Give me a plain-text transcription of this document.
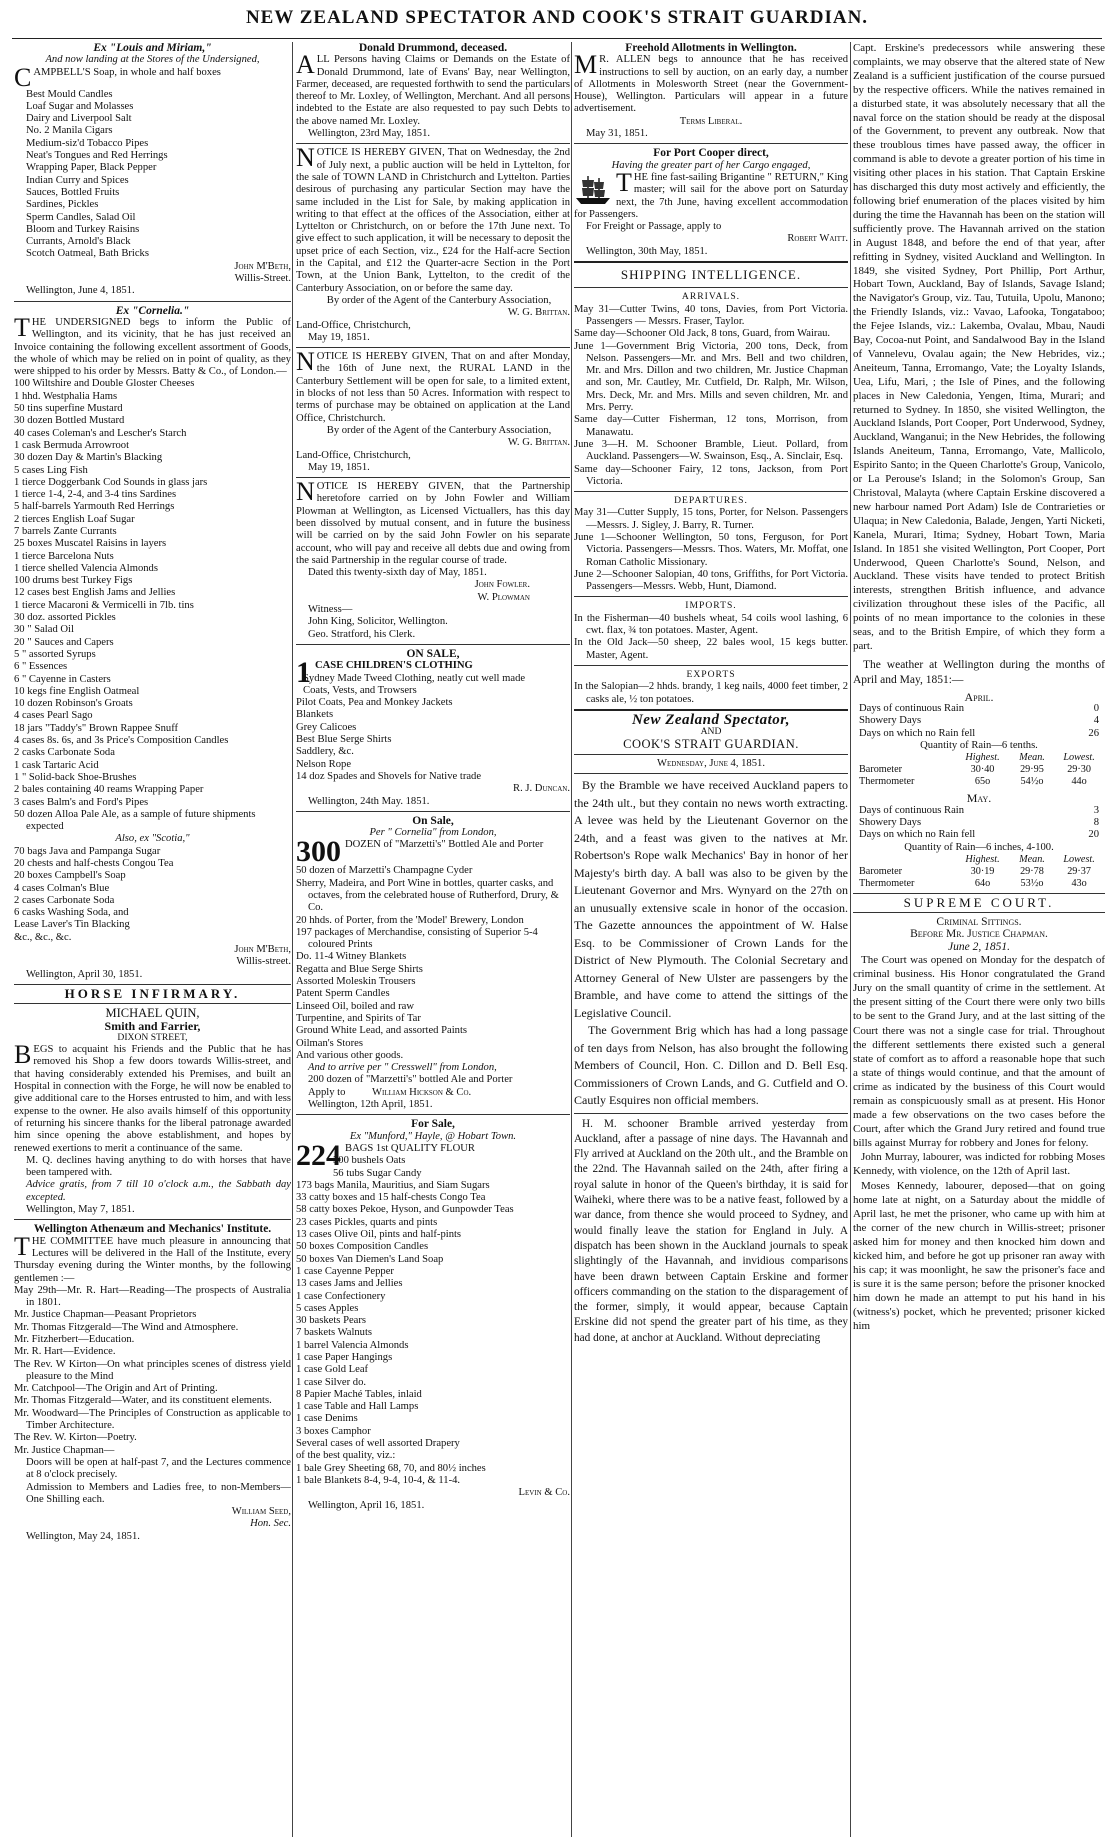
NEW ZEALAND SPECTATOR AND COOK'S STRAIT GUARDIAN.
Ex "Louis and Miriam,"
And now landing at the Stores of the Undersigned,
CAMPBELL'S Soap, in whole and half boxes
Best Mould Candles
Loaf Sugar and Molasses
Dairy and Liverpool Salt
No. 2 Manila Cigars
Medium-siz'd Tobacco Pipes
Neat's Tongues and Red Herrings
Wrapping Paper, Black Pepper
Indian Curry and Spices
Sauces, Bottled Fruits
Sardines, Pickles
Sperm Candles, Salad Oil
Bloom and Turkey Raisins
Currants, Arnold's Black
Scotch Oatmeal, Bath Bricks
John M'Beth,
Willis-Street.
Wellington, June 4, 1851.
Ex "Cornelia."
THE UNDERSIGNED begs to inform the Public of Wellington, and its vicinity, that he has just received an Invoice containing the following excellent assortment of Goods, the whole of which may be relied on in point of quality, as they were shipped to his order by Messrs. Batty & Co., of London.—
100 Wiltshire and Double Gloster Cheeses
1 hhd. Westphalia Hams
50 tins superfine Mustard
30 dozen Bottled Mustard
40 cases Coleman's and Lescher's Starch
1 cask Bermuda Arrowroot
30 dozen Day & Martin's Blacking
5 cases Ling Fish
1 tierce Doggerbank Cod Sounds in glass jars
1 tierce 1-4, 2-4, and 3-4 tins Sardines
5 half-barrels Yarmouth Red Herrings
2 tierces English Loaf Sugar
7 barrels Zante Currants
25 boxes Muscatel Raisins in layers
1 tierce Barcelona Nuts
1 tierce shelled Valencia Almonds
100 drums best Turkey Figs
12 cases best English Jams and Jellies
1 tierce Macaroni & Vermicelli in 7lb. tins
30 doz. assorted Pickles
30 " Salad Oil
20 " Sauces and Capers
5 " assorted Syrups
6 " Essences
6 " Cayenne in Casters
10 kegs fine English Oatmeal
10 dozen Robinson's Groats
4 cases Pearl Sago
18 jars "Taddy's" Brown Rappee Snuff
4 cases 8s. 6s, and 3s Price's Composition Candles
2 casks Carbonate Soda
1 cask Tartaric Acid
1 " Solid-back Shoe-Brushes
2 bales containing 40 reams Wrapping Paper
3 cases Balm's and Ford's Pipes
50 dozen Alloa Pale Ale, as a sample of future shipments expected
Also, ex "Scotia,"
70 bags Java and Pampanga Sugar
20 chests and half-chests Congou Tea
20 boxes Campbell's Soap
4 cases Colman's Blue
2 cases Carbonate Soda
6 casks Washing Soda, and
Lease Laver's Tin Blacking
&c., &c., &c.
John M'Beth,
Willis-street.
Wellington, April 30, 1851.
HORSE INFIRMARY.
MICHAEL QUIN,
Smith and Farrier,
DIXON STREET,
BEGS to acquaint his Friends and the Public that he has removed his Shop a few doors towards Willis-street, and that having considerably extended his Premises, and built an Hospital in connection with the Forge, he will now be enabled to give additional care to the Horses entrusted to him, and with less expense to the owner. He also avails himself of this opportunity of returning his sincere thanks for the liberal patronage awarded him since opening the above establishment, and hopes by renewed exertions to merit a continuance of the same.
M. Q. declines having anything to do with horses that have been tampered with.
Advice gratis, from 7 till 10 o'clock a.m., the Sabbath day excepted.
Wellington, May 7, 1851.
Wellington Athenæum and Mechanics' Institute.
THE COMMITTEE have much pleasure in announcing that Lectures will be delivered in the Hall of the Institute, every Thursday evening during the Winter months, by the following gentlemen :—
May 29th—Mr. R. Hart—Reading—The prospects of Australia in 1801.
Mr. Justice Chapman—Peasant Proprietors
Mr. Thomas Fitzgerald—The Wind and Atmosphere.
Mr. Fitzherbert—Education.
Mr. R. Hart—Evidence.
The Rev. W Kirton—On what principles scenes of distress yield pleasure to the Mind
Mr. Catchpool—The Origin and Art of Printing.
Mr. Thomas Fitzgerald—Water, and its constituent elements.
Mr. Woodward—The Principles of Construction as applicable to Timber Architecture.
The Rev. W. Kirton—Poetry.
Mr. Justice Chapman—
Doors will be open at half-past 7, and the Lectures commence at 8 o'clock precisely.
Admission to Members and Ladies free, to non-Members—One Shilling each.
William Seed,
Hon. Sec.
Wellington, May 24, 1851.
Donald Drummond, deceased.
ALL Persons having Claims or Demands on the Estate of Donald Drummond, late of Evans' Bay, near Wellington, Farmer, deceased, are requested forthwith to send the particulars thereof to Mr. Loxley, of Wellington, Merchant. And all persons indebted to the Estate are also requested to pay such Debts to the above named Mr. Loxley.
Wellington, 23rd May, 1851.
NOTICE IS HEREBY GIVEN, That on Wednesday, the 2nd of July next, a public auction will be held in Lyttelton, for the sale of TOWN LAND in Christchurch and Lyttelton. Parties desirous of purchasing any particular Section may have the same included in the List for Sale, by making application in writing to that effect at the offices of the Association, either at Lyttelton or Christchurch, on or before the 17th June next. To give effect to such application, it will be necessary to deposit the upset price of each Section, viz., £24 for the Half-acre Section in the Capital, and £12 the Quarter-acre Section in the Port Town, at the Union Bank, Lyttelton, to the credit of the Canterbury Association, on or before the same day.
By order of the Agent of the Canterbury Association,
W. G. Brittan.
Land-Office, Christchurch,
May 19, 1851.
NOTICE IS HEREBY GIVEN, That on and after Monday, the 16th of June next, the RURAL LAND in the Canterbury Settlement will be open for sale, to a limited extent, in blocks of not less than 50 Acres. Information with respect to terms of purchase may be obtained on application at the Land Office, Christchurch.
By order of the Agent of the Canterbury Association,
W. G. Brittan.
Land-Office, Christchurch,
May 19, 1851.
NOTICE IS HEREBY GIVEN, that the Partnership heretofore carried on by John Fowler and William Plowman at Wellington, as Licensed Victuallers, has this day been dissolved by mutual consent, and in future the business will be carried on by the said John Fowler on his separate account, who will pay and receive all debts due and owing from the said Partnership in the regular course of trade.
Dated this twenty-sixth day of May, 1851.
John Fowler.
W. Plowman
Witness—
John King, Solicitor, Wellington.
Geo. Stratford, his Clerk.
ON SALE,
1 CASE CHILDREN'S CLOTHING
Sydney Made Tweed Clothing, neatly cut well made
Coats, Vests, and Trowsers
Pilot Coats, Pea and Monkey Jackets
Blankets
Grey Calicoes
Best Blue Serge Shirts
Saddlery, &c.
Nelson Rope
14 doz Spades and Shovels for Native trade
R. J. Duncan.
Wellington, 24th May. 1851.
On Sale,
Per " Cornelia" from London,
300 DOZEN of "Marzetti's" Bottled Ale and Porter
50 dozen of Marzetti's Champagne Cyder
Sherry, Madeira, and Port Wine in bottles, quarter casks, and octaves, from the celebrated house of Rutherford, Drury, & Co.
20 hhds. of Porter, from the 'Model' Brewery, London
197 packages of Merchandise, consisting of Superior 5-4 coloured Prints
Do. 11-4 Witney Blankets
Regatta and Blue Serge Shirts
Assorted Moleskin Trousers
Patent Sperm Candles
Linseed Oil, boiled and raw
Turpentine, and Spirits of Tar
Ground White Lead, and assorted Paints
Oilman's Stores
And various other goods.
And to arrive per " Cresswell" from London,
200 dozen of "Marzetti's" bottled Ale and Porter
Apply to	William Hickson & Co.
Wellington, 12th April, 1851.
For Sale,
Ex "Munford," Hayle, @ Hobart Town.
224 BAGS 1st QUALITY FLOUR
300 bushels Oats
56 tubs Sugar Candy
173 bags Manila, Mauritius, and Siam Sugars
33 catty boxes and 15 half-chests Congo Tea
58 catty boxes Pekoe, Hyson, and Gunpowder Teas
23 cases Pickles, quarts and pints
13 cases Olive Oil, pints and half-pints
50 boxes Composition Candles
50 boxes Van Diemen's Land Soap
1 case Cayenne Pepper
13 cases Jams and Jellies
1 case Confectionery
5 cases Apples
30 baskets Pears
7 baskets Walnuts
1 barrel Valencia Almonds
1 case Paper Hangings
1 case Gold Leaf
1 case Silver do.
8 Papier Maché Tables, inlaid
1 case Table and Hall Lamps
1 case Denims
3 boxes Camphor
Several cases of well assorted Drapery
of the best quality, viz.:
1 bale Grey Sheeting 68, 70, and 80½ inches
1 bale Blankets 8-4, 9-4, 10-4, & 11-4.
Levin & Co.
Wellington, April 16, 1851.
Freehold Allotments in Wellington.
M R. ALLEN begs to announce that he has received instructions to sell by auction, on an early day, a number of Allotments in Molesworth Street (near the Government-House), Wellington. Particulars will appear in a future advertisement.
Terms Liberal.
May 31, 1851.
For Port Cooper direct,
Having the greater part of her Cargo engaged,
THE fine fast-sailing Brigantine " RETURN," King master; will sail for the above port on Saturday next, the 7th June, having excellent accommodation for Passengers.
For Freight or Passage, apply to
Robert Waitt.
Wellington, 30th May, 1851.
SHIPPING INTELLIGENCE.
ARRIVALS.
May 31—Cutter Twins, 40 tons, Davies, from Port Victoria. Passengers — Messrs. Fraser, Taylor.
Same day—Schooner Old Jack, 8 tons, Guard, from Wairau.
June 1—Government Brig Victoria, 200 tons, Deck, from Nelson. Passengers—Mr. and Mrs. Bell and two children, Mr. and Mrs. Dillon and two children, Mr. Justice Chapman and son, Mr. Cautley, Mr. Cutfield, Dr. Ralph, Mr. Wilson, Mrs. Deck, Mr. and Mrs. Mills and seven children, Mr. and Mrs. Perry.
Same day—Cutter Fisherman, 12 tons, Morrison, from Manawatu.
June 3—H. M. Schooner Bramble, Lieut. Pollard, from Auckland. Passengers—W. Swainson, Esq., A. Sinclair, Esq.
Same day—Schooner Fairy, 12 tons, Jackson, from Port Victoria.
DEPARTURES.
May 31—Cutter Supply, 15 tons, Porter, for Nelson. Passengers—Messrs. J. Sigley, J. Barry, R. Turner.
June 1—Schooner Wellington, 50 tons, Ferguson, for Port Victoria. Passengers—Messrs. Thos. Waters, Mr. Moffat, one Roman Catholic Missionary.
June 2—Schooner Salopian, 40 tons, Griffiths, for Port Victoria. Passengers—Messrs. Webb, Hunt, Diamond.
IMPORTS.
In the Fisherman—40 bushels wheat, 54 coils wool lashing, 6 cwt. flax, ¾ ton potatoes. Master, Agent.
In the Old Jack—50 sheep, 22 bales wool, 15 kegs butter. Master, Agent.
EXPORTS
In the Salopian—2 hhds. brandy, 1 keg nails, 4000 feet timber, 2 casks ale, ½ ton potatoes.
New Zealand Spectator,
AND
COOK'S STRAIT GUARDIAN.
Wednesday, June 4, 1851.
By the Bramble we have received Auckland papers to the 24th ult., but they contain no news worth extracting. A levee was held by the Lieutenant Governor on the 24th, and a feast was given to the natives at Mr. Robertson's Rope walk Mechanics' Bay in honor of her Majesty's birth day. A ball was also to be given by the Lieutenant Governor and Mrs. Wynyard on the 27th on an unusually extensive scale in honor of the occasion. The Gazette announces the appointment of W. Halse Esq. to be Commissioner of Crown Lands for the District of New Plymouth. The Colonial Secretary and Attorney General of New Ulster are passengers by the Bramble, and have come to attend the sittings of the Legislative Council.
The Government Brig which has had a long passage of ten days from Nelson, has also brought the following Members of Council, Hon. C. Dillon and D. Bell Esq. Commissioners of Crown Lands, and G. Cutfield and O. Cautly Esquires non official members.
H. M. schooner Bramble arrived yesterday from Auckland, after a passage of nine days. The Havannah and Fly arrived at Auckland on the 20th ult., and the Bramble on the 22nd. The Havannah sailed on the 24th, after firing a royal salute in honor of the Queen's birthday, it is said for Waiheki, where there was to be a native feast, followed by a war dance, from thence she would proceed to Sydney, and would finally leave the station for England in July. A dispatch has been shown in the Auckland journals to speak slightingly of the Havannah, and invidious comparisons have been drawn between Captain Erskine and former officers commanding on the station to the disparagement of the former, simply, it would appear, because Captain Erskine did not spend the greater part of his time, as they had done, at anchor at Auckland. Without depreciating
Capt. Erskine's predecessors while answering these complaints, we may observe that the altered state of New Zealand is a sufficient justification of the course pursued by the respective officers. While the natives remained in a disturbed state, it was absolutely necessary that all the naval force on the station should be ready at the disposal of the Government, to prevent any outbreak. Now that these troublous times have passed away, the officer in command is able to devote a greater portion of his time in visiting other places in his station. That Captain Erskine has discharged this duty most actively and efficiently, the following brief enumeration of the places visited by him during the time the Havannah has been on the station will sufficiently prove. The Havannah arrived on the station in August 1848, and before the end of that year, after refitting in Sydney, visited Auckland and Wellington. In 1849, she visited Sydney, Port Phillip, Port Arthur, Hobart Town, Auckland, Bay of Islands, Savage Island; the Navigator's Group, viz. Tau, Tutuila, Upolu, Manono; the Friendly Islands, viz.: Vavao, Lafooka, Tongataboo; the Fejee Islands, viz.: Lakemba, Ovalau, Mbau, Naudi Bay, Cocoa-nut Point, and Sandalwood Bay in the Island of Vannelevu, Ovalau again; the New Hebrides, viz.; Aneiteum, Tanna, Erromango, Vate; the Loyalty Islands, Uea, Lifu, Mari, ; the Isle of Pines, and the following places in New Caledonia, Yengen, Itima, Murari; and returned to Sydney. In 1850, she visited Wellington, the Auckland Islands, Port Cooper, Port Underwood, Sydney, Auckland, Wanganui; in the New Hebrides, the following Islands Aneiteum, Tanna, Erromango, Vate, Mallicolo, Espirito Santo; in the Queen Charlotte's Group, Vanicolo, or La Perouse's Island; in the Solomon's Group, San Christoval, Malayta (where Captain Erskine discovered a new harbour named Port Adam) Isle de Contrarieties or Ulaqua; in New Caledonia, Balade, Jengen, Yarti Nicketi, Kanela, Murari, Itima; Sydney, Hobart Town, Maria Island. In 1851 she visited Wellington, Port Cooper, Port Underwood, Queen Charlotte's Sound, Nelson, and Auckland. These visits have tended to protect British interests, strengthen British influence, and advance civilization throughout these isles of the Pacific, all points of no mean importance to the colonies in these seas, and to the British Empire, of which they form a part.
The weather at Wellington during the months of April and May, 1851:—
April.
Days of continuous Rain	0
Showery Days	4
Days on which no Rain fell	26
Quantity of Rain—6 tenths.
	Highest.	Mean.	Lowest.
Barometer	30·40	29·95	29·30
Thermometer	65o	54½o	44o
May.
Days of continuous Rain	3
Showery Days	8
Days on which no Rain fell	20
Quantity of Rain—6 inches, 4-100.
	Highest.	Mean.	Lowest.
Barometer	30·19	29·78	29·37
Thermometer	64o	53½o	43o
SUPREME COURT.
Criminal Sittings.
Before Mr. Justice Chapman.
June 2, 1851.
The Court was opened on Monday for the despatch of criminal business. His Honor congratulated the Grand Jury on the small quantity of crime in the settlement. At the present sitting of the Court there were only two bills to be sent to the Grand Jury, and at the last sitting of the Court there was not a single case for trial. Throughout the different settlements there existed such a general state of comfort as to afford a reasonable hope that such a state of things would continue, and that the amount of crime as indicated by the business of this Court would remain as conspicuously small as at present. His Honor made a few observations on the two cases before the Court, after which the Grand Jury retired and found true bills against Murray for robbery and Jones for felony.
John Murray, labourer, was indicted for robbing Moses Kennedy, with violence, on the 12th of April last.
Moses Kennedy, labourer, deposed—that on going home late at night, on a Saturday about the middle of April last, he met the prisoner, who came up with him at the corner of the new church in Willis-street; prisoner asked him for money and then knocked him down and kicked him, and before he got up prisoner ran away with his cap; it was moonlight, he saw the prisoner's face and is sure it is the same person; before the prisoner knocked him down he made an attempt to put his hand in his (witness's) pocket, which he prevented; prisoner kicked him
